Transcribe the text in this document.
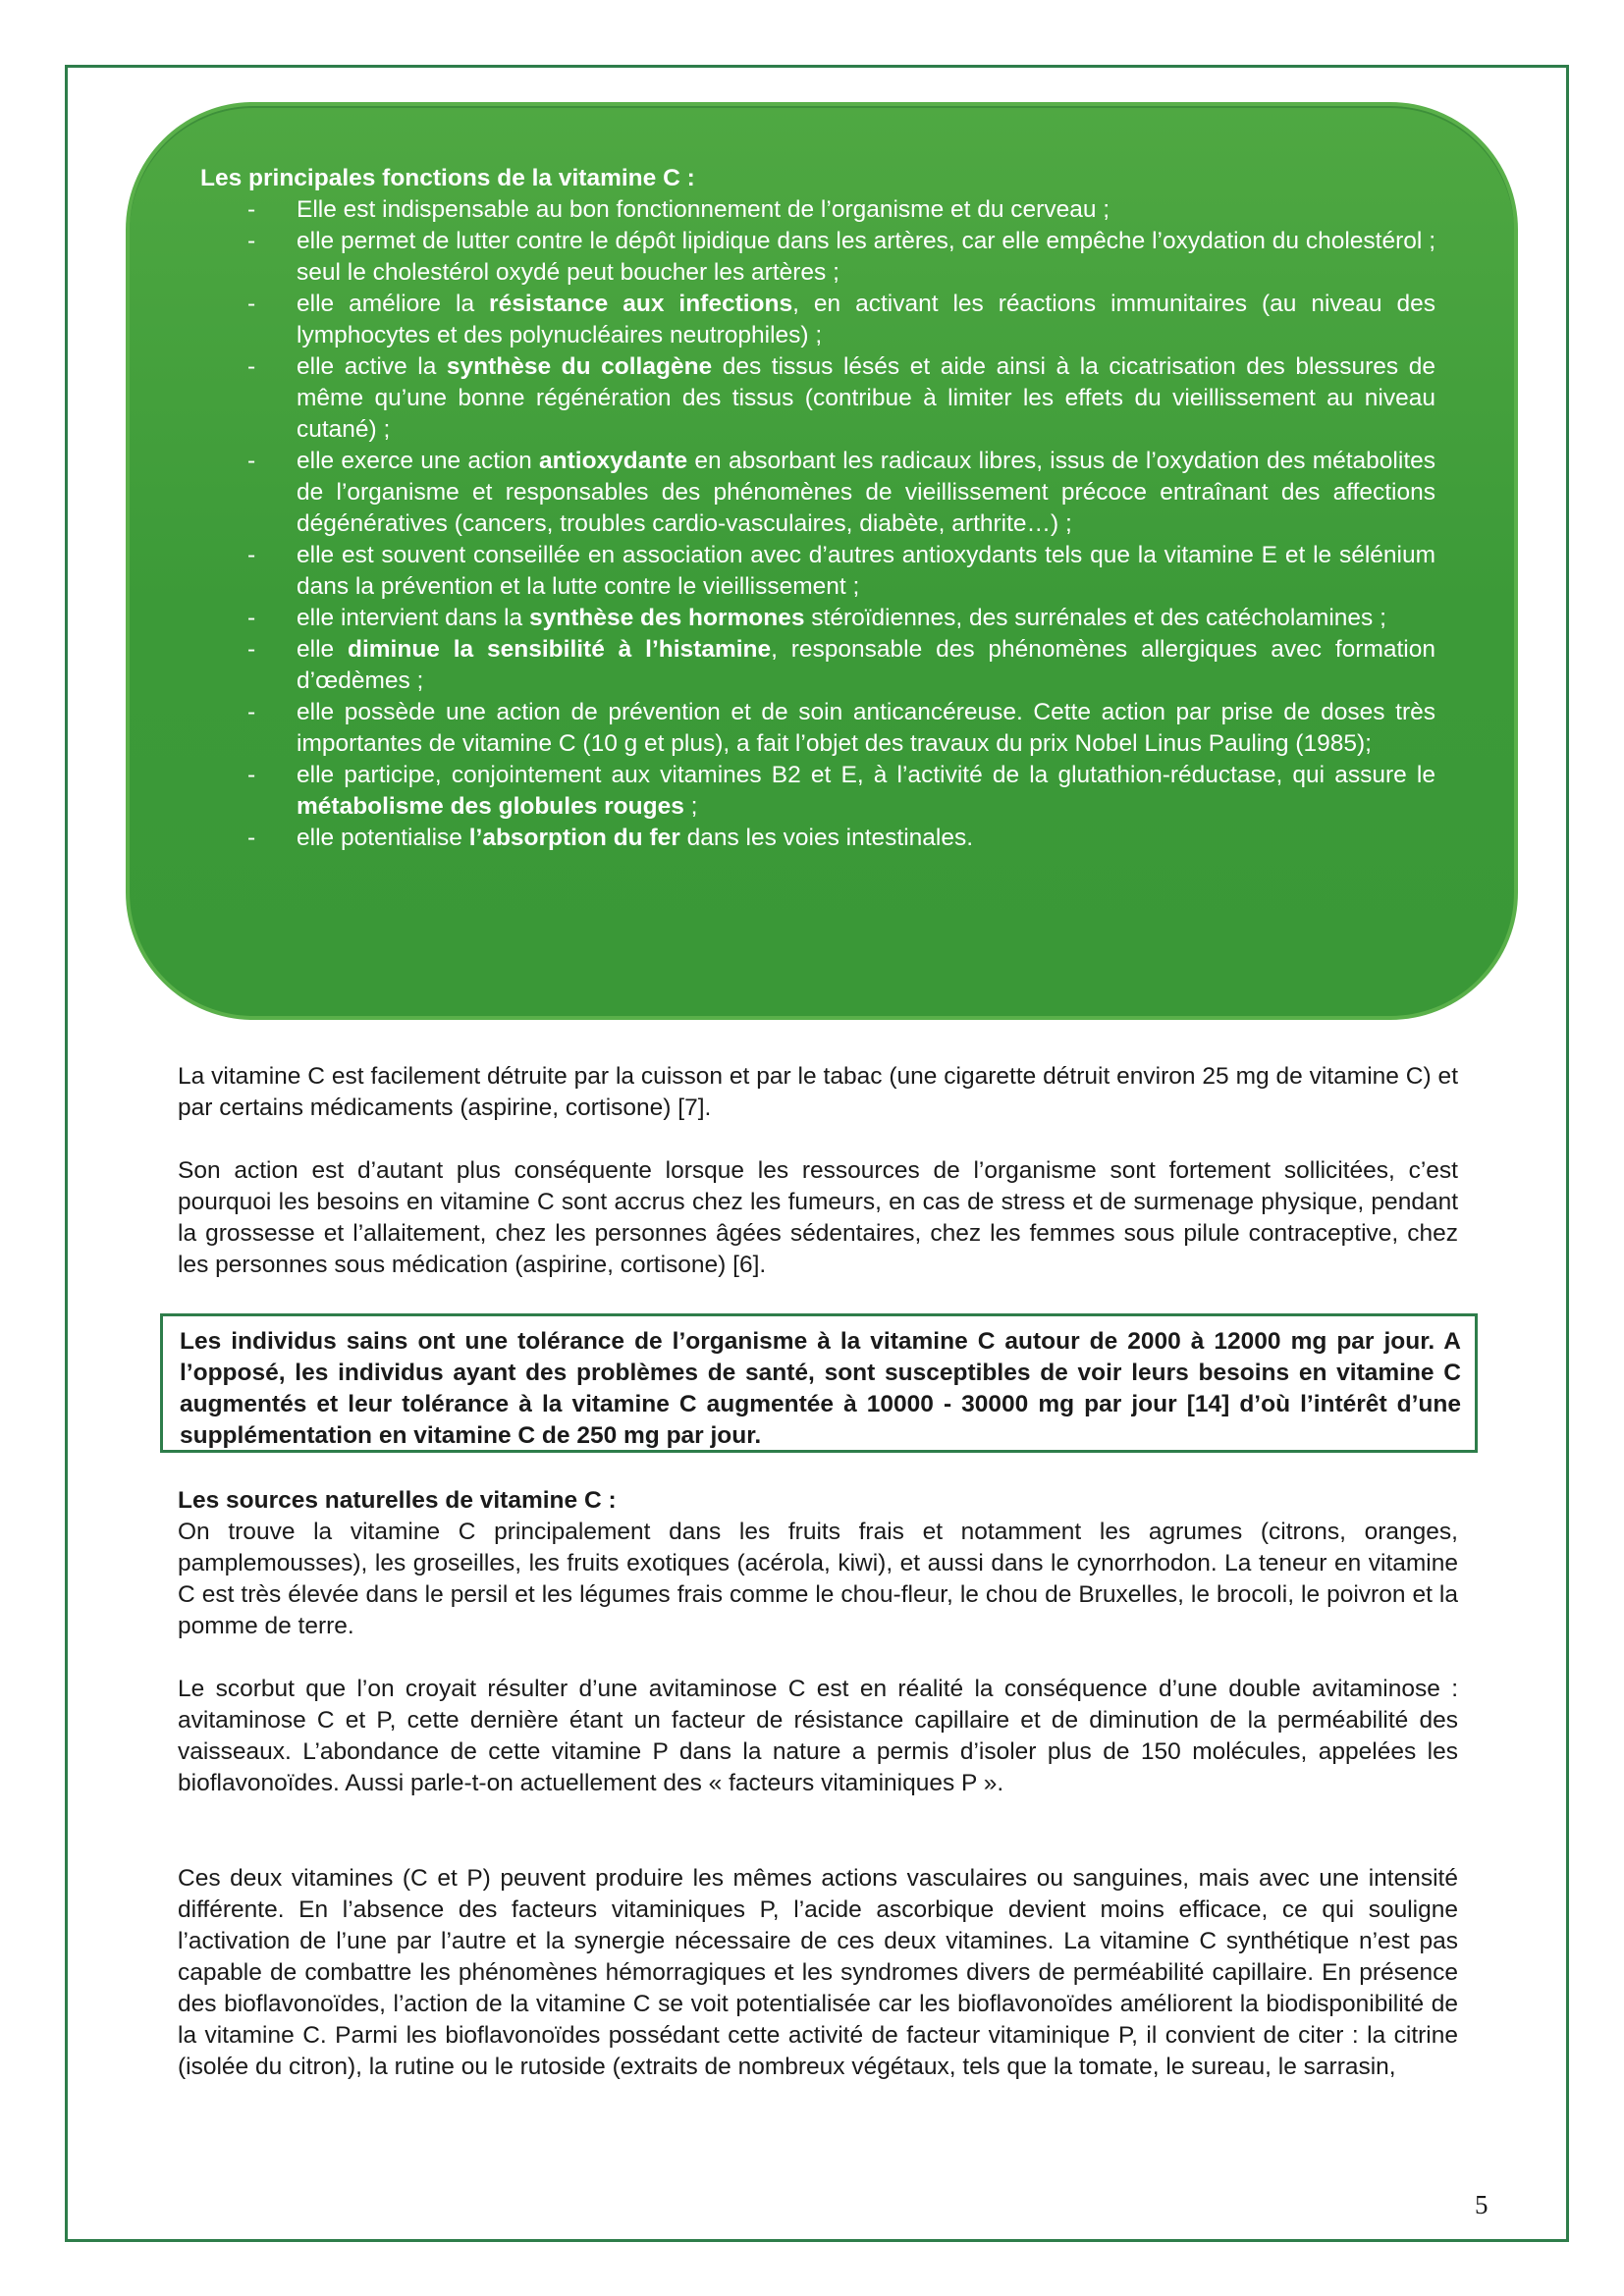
Les principales fonctions de la vitamine C :
- Elle est indispensable au bon fonctionnement de l’organisme et du cerveau ;
- elle permet de lutter contre le dépôt lipidique dans les artères, car elle empêche l’oxydation du cholestérol ; seul le cholestérol oxydé peut boucher les artères ;
- elle améliore la résistance aux infections, en activant les réactions immunitaires (au niveau des lymphocytes et des polynucléaires neutrophiles) ;
- elle active la synthèse du collagène des tissus lésés et aide ainsi à la cicatrisation des blessures de même qu’une bonne régénération des tissus (contribue à limiter les effets du vieillissement au niveau cutané) ;
- elle exerce une action antioxydante en absorbant les radicaux libres, issus de l’oxydation des métabolites de l’organisme et responsables des phénomènes de vieillissement précoce entraînant des affections dégénératives (cancers, troubles cardio-vasculaires, diabète, arthrite…) ;
- elle est souvent conseillée en association avec d’autres antioxydants tels que la vitamine E et le sélénium dans la prévention et la lutte contre le vieillissement ;
- elle intervient dans la synthèse des hormones stéroïdiennes, des surrénales et des catécholamines ;
- elle diminue la sensibilité à l’histamine, responsable des phénomènes allergiques avec formation d’œdèmes ;
- elle possède une action de prévention et de soin anticancéreuse. Cette action par prise de doses très importantes de vitamine C (10 g et plus), a fait l’objet des travaux du prix Nobel Linus Pauling (1985);
- elle participe, conjointement aux vitamines B2 et E, à l’activité de la glutathion-réductase, qui assure le métabolisme des globules rouges ;
- elle potentialise l’absorption du fer dans les voies intestinales.
La vitamine C est facilement détruite par la cuisson et par le tabac (une cigarette détruit environ 25 mg de vitamine C) et par certains médicaments (aspirine, cortisone) [7].
Son action est d’autant plus conséquente lorsque les ressources de l’organisme sont fortement sollicitées, c’est pourquoi les besoins en vitamine C sont accrus chez les fumeurs, en cas de stress et de surmenage physique, pendant la grossesse et l’allaitement, chez les personnes âgées sédentaires, chez les femmes sous pilule contraceptive, chez les personnes sous médication (aspirine, cortisone) [6].
Les individus sains ont une tolérance de l’organisme à la vitamine C autour de 2000 à 12000 mg par jour. A l’opposé, les individus ayant des problèmes de santé, sont susceptibles de voir leurs besoins en vitamine C augmentés et leur tolérance à la vitamine C augmentée à 10000 - 30000 mg par jour [14] d’où l’intérêt d’une supplémentation en vitamine C de 250 mg par jour.
Les sources naturelles de vitamine C :
On trouve la vitamine C principalement dans les fruits frais et notamment les agrumes (citrons, oranges, pamplemousses), les groseilles, les fruits exotiques (acérola, kiwi), et aussi dans le cynorrhodon. La teneur en vitamine C est très élevée dans le persil et les légumes frais comme le chou-fleur, le chou de Bruxelles, le brocoli, le poivron et la pomme de terre.
Le scorbut que l’on croyait résulter d’une avitaminose C est en réalité la conséquence d’une double avitaminose : avitaminose C et P, cette dernière étant un facteur de résistance capillaire et de diminution de la perméabilité des vaisseaux. L’abondance de cette vitamine P dans la nature a permis d’isoler plus de 150 molécules, appelées les bioflavonoïdes. Aussi parle-t-on actuellement des « facteurs vitaminiques P ».
Ces deux vitamines (C et P) peuvent produire les mêmes actions vasculaires ou sanguines, mais avec une intensité différente. En l’absence des facteurs vitaminiques P, l’acide ascorbique devient moins efficace, ce qui souligne l’activation de l’une par l’autre et la synergie nécessaire de ces deux vitamines. La vitamine C synthétique n’est pas capable de combattre les phénomènes hémorragiques et les syndromes divers de perméabilité capillaire. En présence des bioflavonoïdes, l’action de la vitamine C se voit potentialisée car les bioflavonoïdes améliorent la biodisponibilité de la vitamine C. Parmi les bioflavonoïdes possédant cette activité de facteur vitaminique P, il convient de citer : la citrine (isolée du citron), la rutine ou le rutoside (extraits de nombreux végétaux, tels que la tomate, le sureau, le sarrasin,
5
